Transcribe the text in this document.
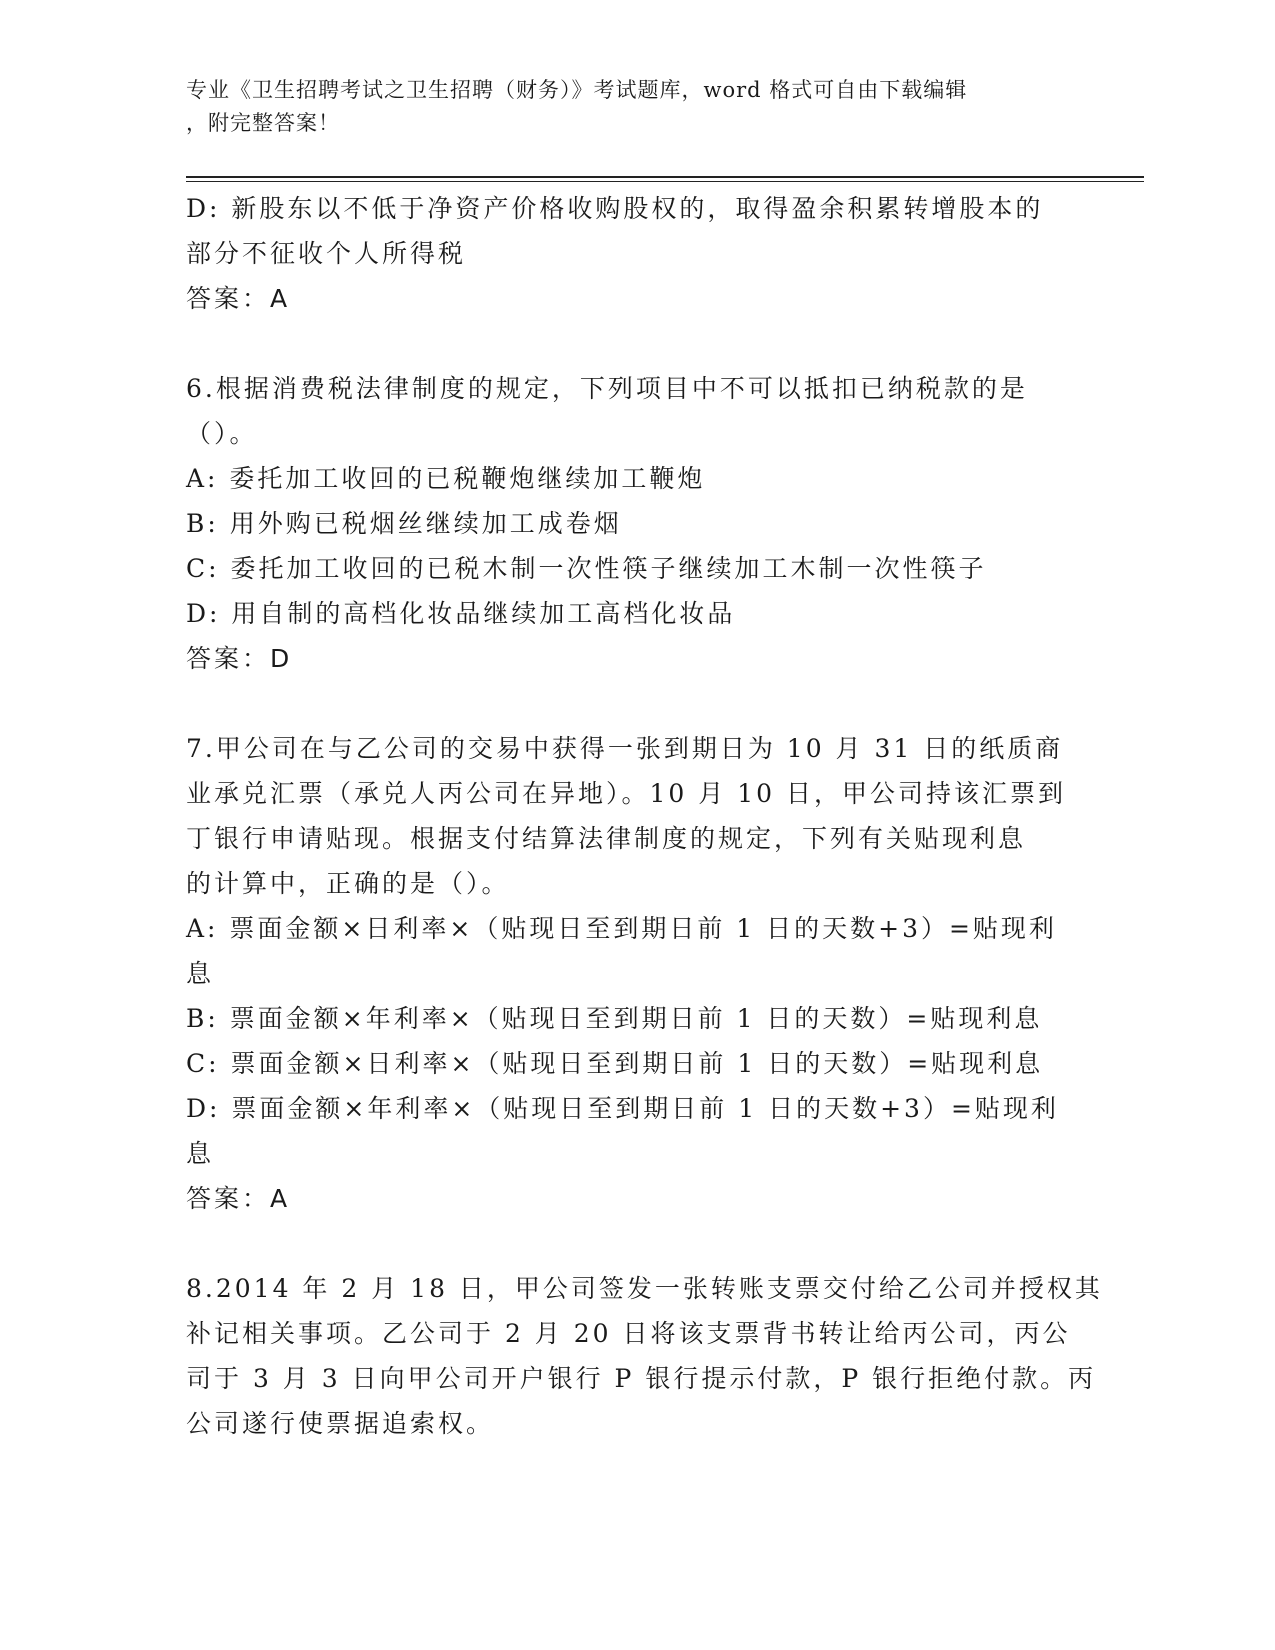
专业《卫生招聘考试之卫生招聘（财务）》考试题库，word 格式可自由下载编辑
，附完整答案！
D: 新股东以不低于净资产价格收购股权的，取得盈余积累转增股本的
部分不征收个人所得税
答案：A
6.根据消费税法律制度的规定，下列项目中不可以抵扣已纳税款的是
（）。
A: 委托加工收回的已税鞭炮继续加工鞭炮
B: 用外购已税烟丝继续加工成卷烟
C: 委托加工收回的已税木制一次性筷子继续加工木制一次性筷子
D: 用自制的高档化妆品继续加工高档化妆品
答案：D
7.甲公司在与乙公司的交易中获得一张到期日为 10 月 31 日的纸质商
业承兑汇票（承兑人丙公司在异地）。10 月 10 日，甲公司持该汇票到
丁银行申请贴现。根据支付结算法律制度的规定，下列有关贴现利息
的计算中，正确的是（）。
A: 票面金额×日利率×（贴现日至到期日前 1 日的天数+3）=贴现利
息
B: 票面金额×年利率×（贴现日至到期日前 1 日的天数）=贴现利息
C: 票面金额×日利率×（贴现日至到期日前 1 日的天数）=贴现利息
D: 票面金额×年利率×（贴现日至到期日前 1 日的天数+3）=贴现利
息
答案：A
8.2014 年 2 月 18 日，甲公司签发一张转账支票交付给乙公司并授权其
补记相关事项。乙公司于 2 月 20 日将该支票背书转让给丙公司，丙公
司于 3 月 3 日向甲公司开户银行 P 银行提示付款，P 银行拒绝付款。丙
公司遂行使票据追索权。
